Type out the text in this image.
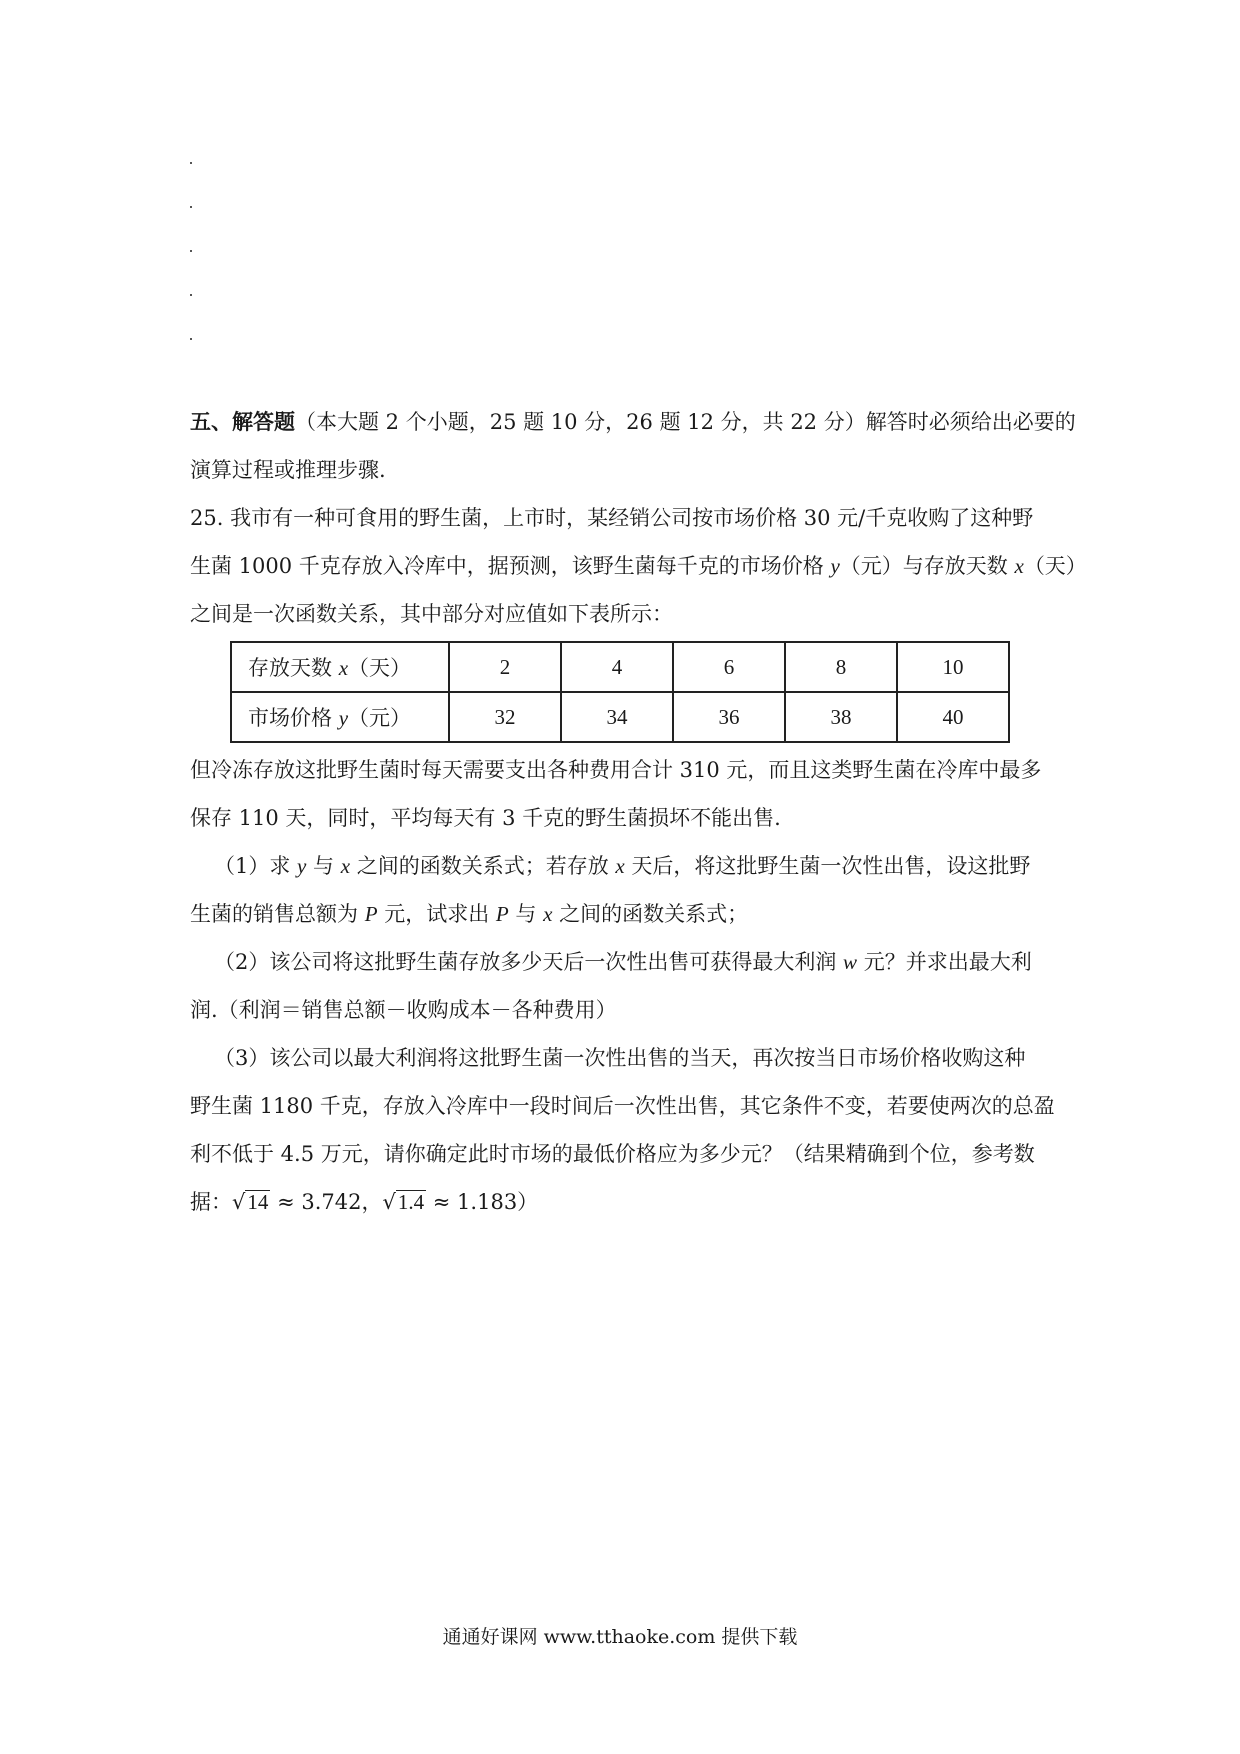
五、解答题（本大题 2 个小题，25 题 10 分，26 题 12 分，共 22 分）解答时必须给出必要的
演算过程或推理步骤.
25. 我市有一种可食用的野生菌，上市时，某经销公司按市场价格 30 元/千克收购了这种野
生菌 1000 千克存放入冷库中，据预测，该野生菌每千克的市场价格 y（元）与存放天数 x（天）
之间是一次函数关系，其中部分对应值如下表所示：
存放天数 x（天）	2	4	6	8	10
市场价格 y（元）	32	34	36	38	40
但冷冻存放这批野生菌时每天需要支出各种费用合计 310 元，而且这类野生菌在冷库中最多
保存 110 天，同时，平均每天有 3 千克的野生菌损坏不能出售.
（1）求 y 与 x 之间的函数关系式；若存放 x 天后，将这批野生菌一次性出售，设这批野
生菌的销售总额为 P 元，试求出 P 与 x 之间的函数关系式；
（2）该公司将这批野生菌存放多少天后一次性出售可获得最大利润 w 元？并求出最大利
润.（利润＝销售总额－收购成本－各种费用）
（3）该公司以最大利润将这批野生菌一次性出售的当天，再次按当日市场价格收购这种
野生菌 1180 千克，存放入冷库中一段时间后一次性出售，其它条件不变，若要使两次的总盈
利不低于 4.5 万元，请你确定此时市场的最低价格应为多少元？（结果精确到个位，参考数
据：√14 ≈ 3.742，√1.4 ≈ 1.183）
通通好课网 www.tthaoke.com 提供下载
